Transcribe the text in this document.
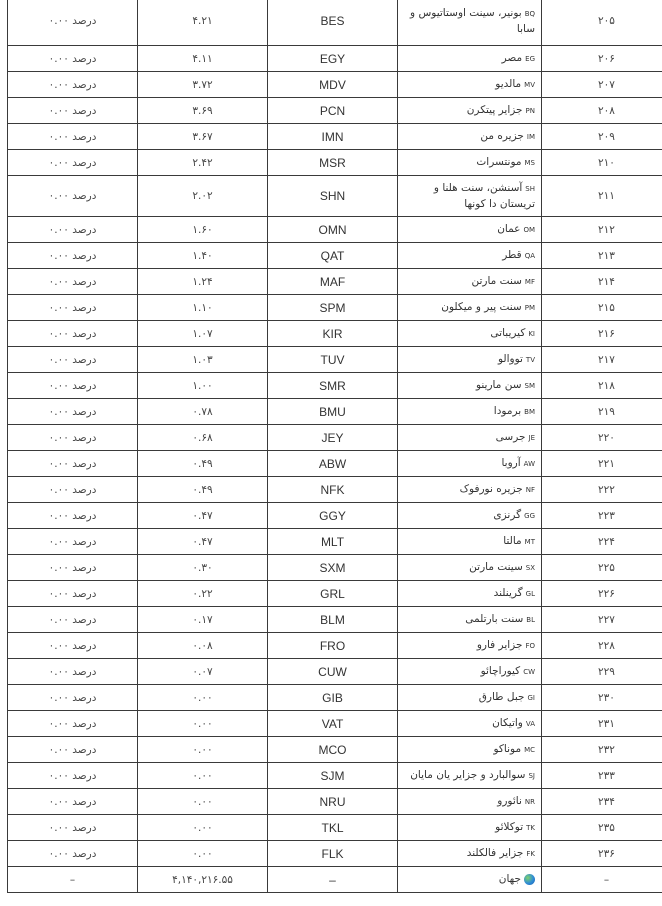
۰.۰۰ درصد	۴.۲۱	BES	BQبونیر، سینت اوستاتیوس و سابا	۲۰۵
۰.۰۰ درصد	۴.۱۱	EGY	EGمصر	۲۰۶
۰.۰۰ درصد	۳.۷۲	MDV	MVمالدیو	۲۰۷
۰.۰۰ درصد	۳.۶۹	PCN	PNجزایر پیتکرن	۲۰۸
۰.۰۰ درصد	۳.۶۷	IMN	IMجزیره من	۲۰۹
۰.۰۰ درصد	۲.۴۲	MSR	MSمونتسرات	۲۱۰
۰.۰۰ درصد	۲.۰۲	SHN	SHآسنشن، سنت هلنا و تریستان دا کونها	۲۱۱
۰.۰۰ درصد	۱.۶۰	OMN	OMعمان	۲۱۲
۰.۰۰ درصد	۱.۴۰	QAT	QAقطر	۲۱۳
۰.۰۰ درصد	۱.۲۴	MAF	MFسنت مارتن	۲۱۴
۰.۰۰ درصد	۱.۱۰	SPM	PMسنت پیر و میکلون	۲۱۵
۰.۰۰ درصد	۱.۰۷	KIR	KIکیریباتی	۲۱۶
۰.۰۰ درصد	۱.۰۳	TUV	TVتووالو	۲۱۷
۰.۰۰ درصد	۱.۰۰	SMR	SMسن مارینو	۲۱۸
۰.۰۰ درصد	۰.۷۸	BMU	BMبرمودا	۲۱۹
۰.۰۰ درصد	۰.۶۸	JEY	JEجرسی	۲۲۰
۰.۰۰ درصد	۰.۴۹	ABW	AWآروبا	۲۲۱
۰.۰۰ درصد	۰.۴۹	NFK	NFجزیره نورفوک	۲۲۲
۰.۰۰ درصد	۰.۴۷	GGY	GGگرنزی	۲۲۳
۰.۰۰ درصد	۰.۴۷	MLT	MTمالتا	۲۲۴
۰.۰۰ درصد	۰.۳۰	SXM	SXسینت مارتن	۲۲۵
۰.۰۰ درصد	۰.۲۲	GRL	GLگرینلند	۲۲۶
۰.۰۰ درصد	۰.۱۷	BLM	BLسنت بارتلمی	۲۲۷
۰.۰۰ درصد	۰.۰۸	FRO	FOجزایر فارو	۲۲۸
۰.۰۰ درصد	۰.۰۷	CUW	CWکیوراچائو	۲۲۹
۰.۰۰ درصد	۰.۰۰	GIB	GIجبل طارق	۲۳۰
۰.۰۰ درصد	۰.۰۰	VAT	VAواتیکان	۲۳۱
۰.۰۰ درصد	۰.۰۰	MCO	MCموناکو	۲۳۲
۰.۰۰ درصد	۰.۰۰	SJM	SJسوالبارد و جزایر یان مایان	۲۳۳
۰.۰۰ درصد	۰.۰۰	NRU	NRنائورو	۲۳۴
۰.۰۰ درصد	۰.۰۰	TKL	TKتوکلائو	۲۳۵
۰.۰۰ درصد	۰.۰۰	FLK	FKجزایر فالکلند	۲۳۶
–	۴,۱۴۰,۲۱۶.۵۵	–	جهان	–
